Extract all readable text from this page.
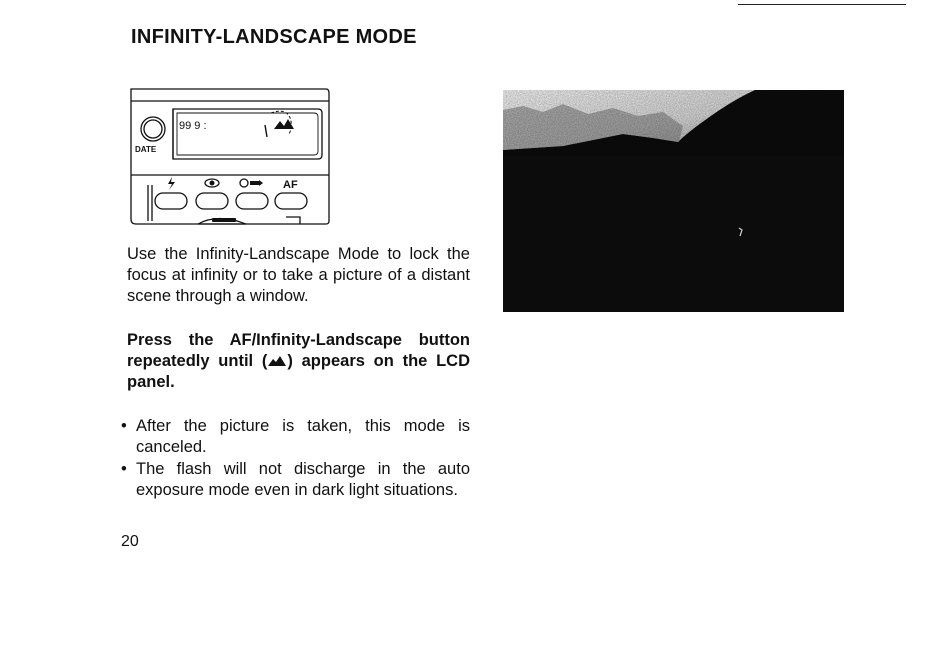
INFINITY-LANDSCAPE MODE
99 9 :
DATE
AF

Use the Infinity-Landscape Mode to lock the focus at infinity or to take a picture of a distant scene through a window.

Press the AF/Infinity-Landscape button repeatedly until ( ) appears on the LCD panel.

• After the picture is taken, this mode is canceled.
• The flash will not discharge in the auto exposure mode even in dark light situations.
20
